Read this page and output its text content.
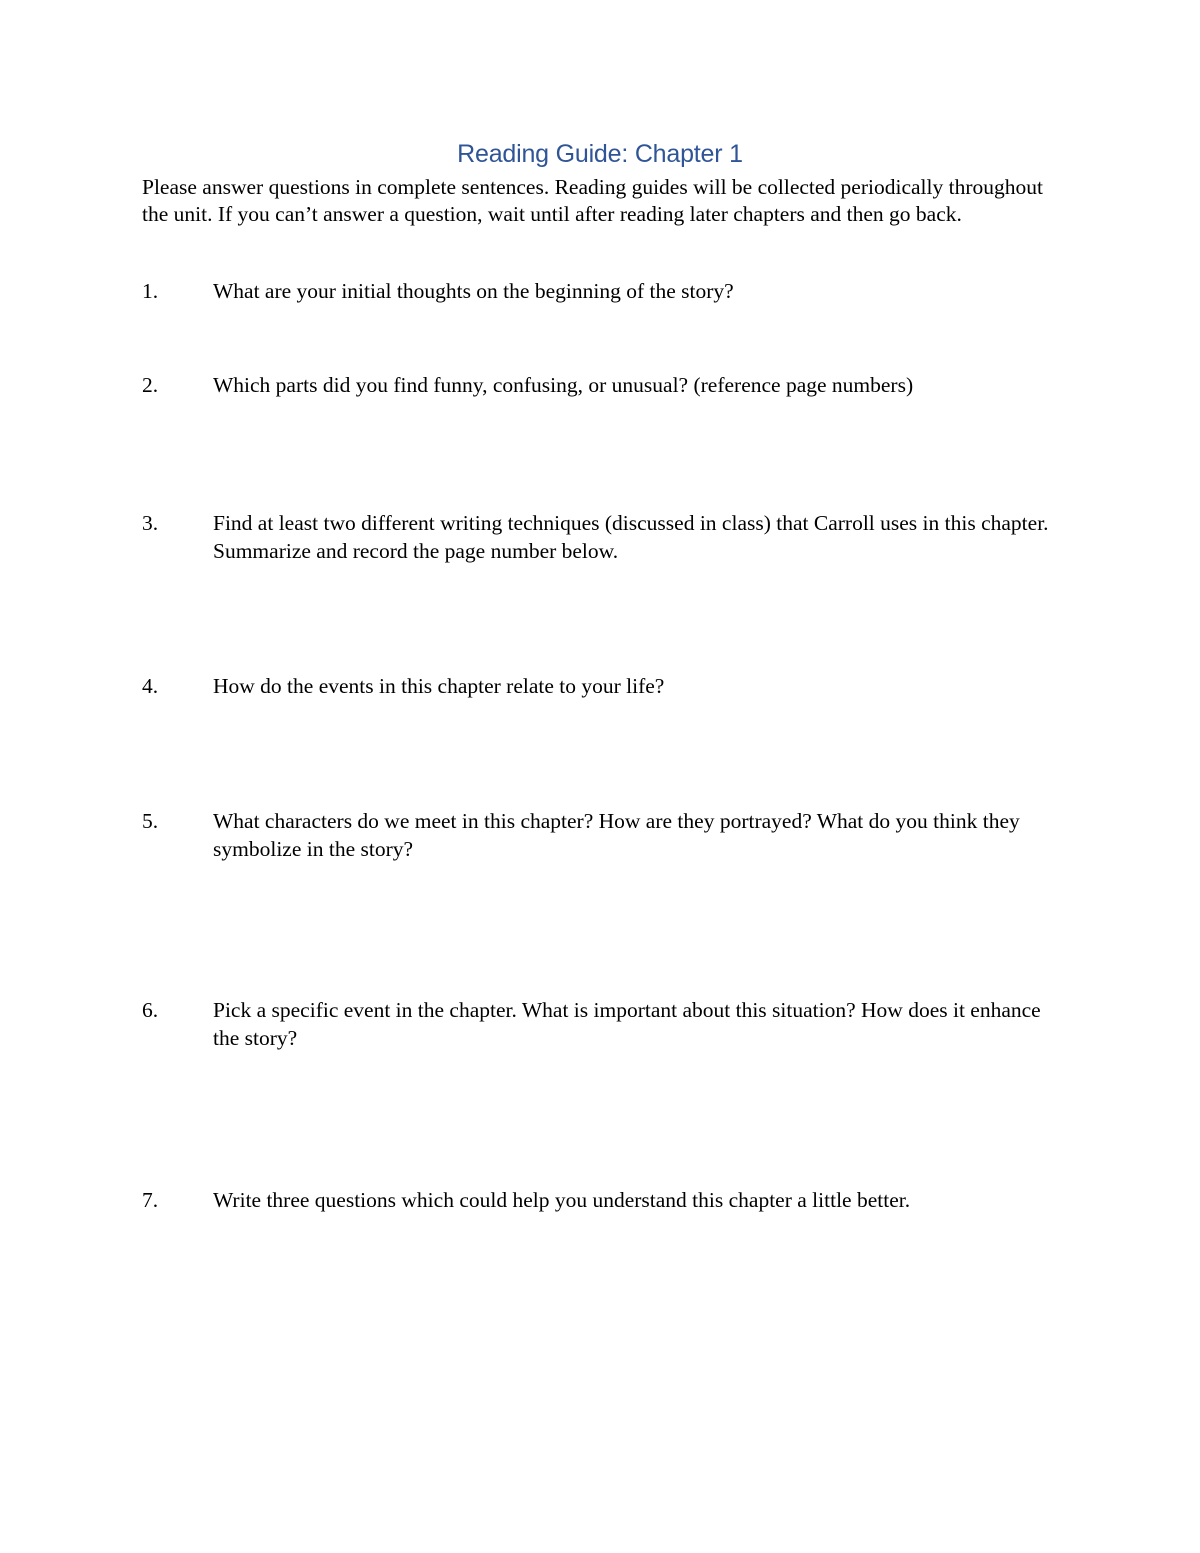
Reading Guide: Chapter 1

Please answer questions in complete sentences. Reading guides will be collected periodically throughout the unit. If you can’t answer a question, wait until after reading later chapters and then go back.

1.	What are your initial thoughts on the beginning of the story?
2.	Which parts did you find funny, confusing, or unusual? (reference page numbers)
3.	Find at least two different writing techniques (discussed in class) that Carroll uses in this chapter. Summarize and record the page number below.
4.	How do the events in this chapter relate to your life?
5.	What characters do we meet in this chapter? How are they portrayed? What do you think they symbolize in the story?
6.	Pick a specific event in the chapter. What is important about this situation? How does it enhance the story?
7.	Write three questions which could help you understand this chapter a little better.
